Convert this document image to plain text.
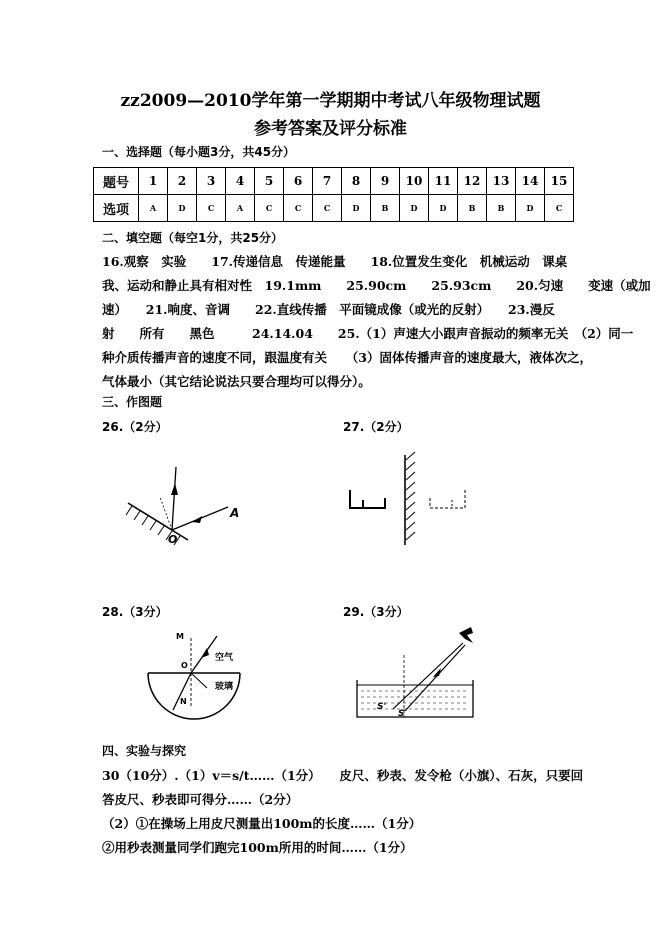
zz2009—2010学年第一学期期中考试八年级物理试题
参考答案及评分标准
一、选择题（每小题3分，共45分）
题号	1	2	3	4	5	6	7	8	9	10	11	12	13	14	15
选项	A	D	C	A	C	C	C	D	B	D	D	B	B	D	C
二、填空题（每空1分，共25分）
16.观察　实验　　17.传递信息　传递能量　　18.位置发生变化　机械运动　课桌
我、运动和静止具有相对性　19.1mm　　25.90cm　　25.93cm　　20.匀速　　变速（或加
速）　　21.响度、音调　　22.直线传播　平面镜成像（或光的反射）　　23.漫反
射　　所有　　黑色　　　24.14.04　　25.（1）声速大小跟声音振动的频率无关　（2）同一
种介质传播声音的速度不同，跟温度有关　　（3）固体传播声音的速度最大，液体次之，
气体最小（其它结论说法只要合理均可以得分）。
三、作图题
26.（2分）	27.（2分）
A
O
28.（3分）	29.（3分）
M
O
N
空气
玻璃
S'
S
四、实验与探究
30（10分）.（1）v＝s/t……（1分）　　皮尺、秒表、发令枪（小旗）、石灰，只要回
答皮尺、秒表即可得分……（2分）
（2）①在操场上用皮尺测量出100m的长度……（1分）
②用秒表测量同学们跑完100m所用的时间……（1分）
